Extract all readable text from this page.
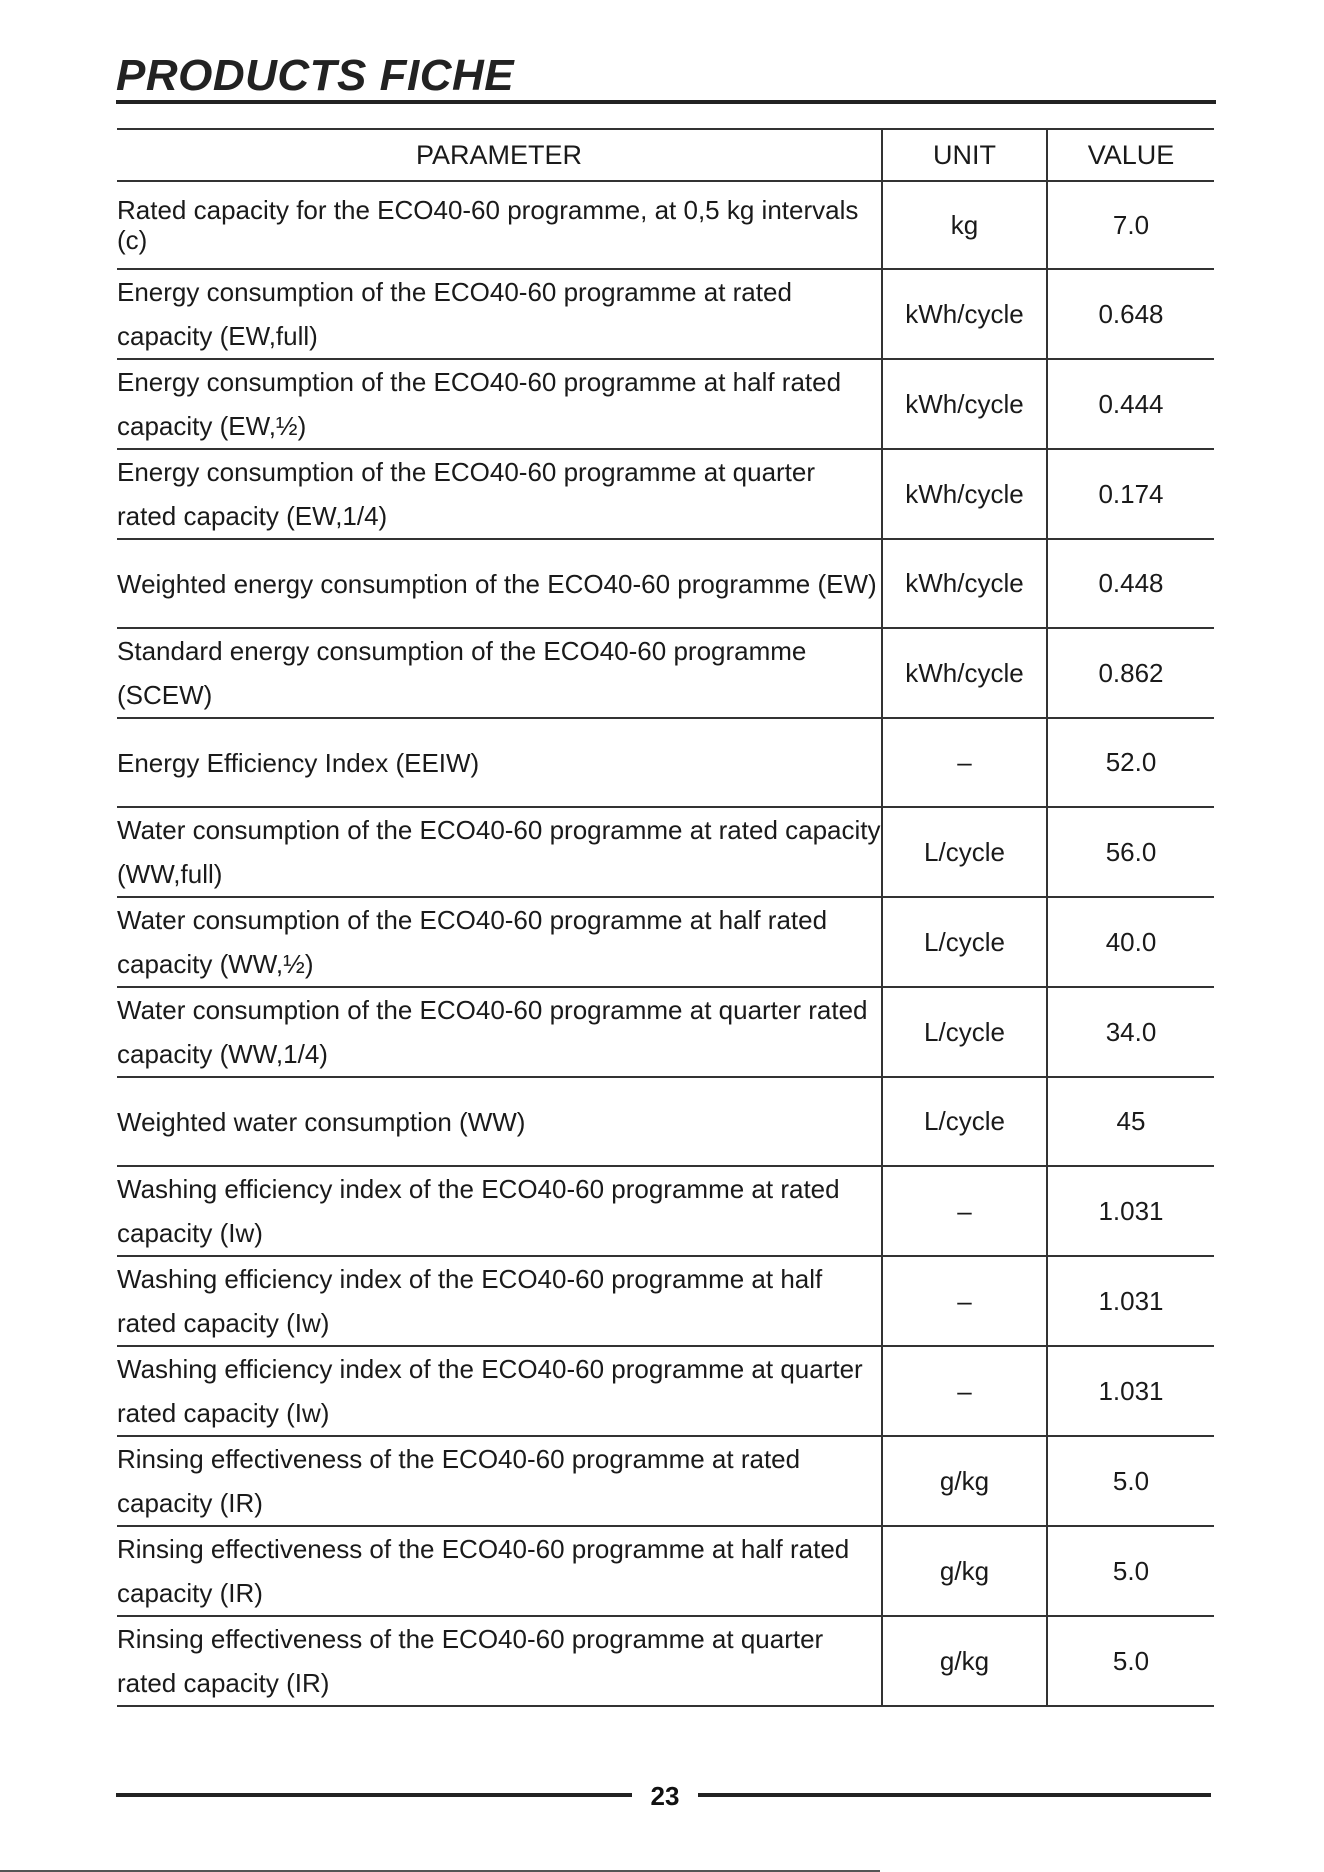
PRODUCTS FICHE
PARAMETER	UNIT	VALUE
Rated capacity for the ECO40-60 programme, at 0,5 kg intervals (c)	kg	7.0
Energy consumption of the ECO40-60 programme at rated capacity (EW,full)	kWh/cycle	0.648
Energy consumption of the ECO40-60 programme at half rated capacity (EW,½)	kWh/cycle	0.444
Energy consumption of the ECO40-60 programme at quarter rated capacity (EW,1/4)	kWh/cycle	0.174
Weighted energy consumption of the ECO40-60 programme (EW)	kWh/cycle	0.448
Standard energy consumption of the ECO40-60 programme (SCEW)	kWh/cycle	0.862
Energy Efficiency Index (EEIW)	–	52.0
Water consumption of the ECO40-60 programme at rated capacity (WW,full)	L/cycle	56.0
Water consumption of the ECO40-60 programme at half rated capacity (WW,½)	L/cycle	40.0
Water consumption of the ECO40-60 programme at quarter rated capacity (WW,1/4)	L/cycle	34.0
Weighted water consumption (WW)	L/cycle	45
Washing efficiency index of the ECO40-60 programme at rated capacity (Iw)	–	1.031
Washing efficiency index of the ECO40-60 programme at half rated capacity (Iw)	–	1.031
Washing efficiency index of the ECO40-60 programme at quarter rated capacity (Iw)	–	1.031
Rinsing effectiveness of the ECO40-60 programme at rated capacity (IR)	g/kg	5.0
Rinsing effectiveness of the ECO40-60 programme at half rated capacity (IR)	g/kg	5.0
Rinsing effectiveness of the ECO40-60 programme at quarter rated capacity (IR)	g/kg	5.0
23
